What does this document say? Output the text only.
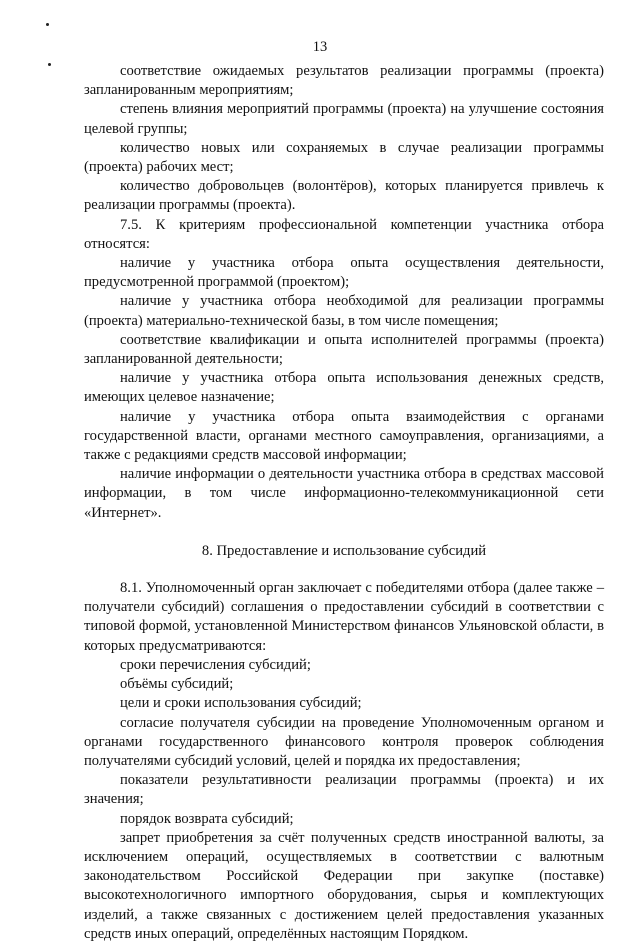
13

соответствие ожидаемых результатов реализации программы (проекта) запланированным мероприятиям;

степень влияния мероприятий программы (проекта) на улучшение состояния целевой группы;

количество новых или сохраняемых в случае реализации программы (проекта) рабочих мест;

количество добровольцев (волонтёров), которых планируется привлечь к реализации программы (проекта).

7.5. К критериям профессиональной компетенции участника отбора относятся:

наличие у участника отбора опыта осуществления деятельности, предусмотренной программой (проектом);

наличие у участника отбора необходимой для реализации программы (проекта) материально-технической базы, в том числе помещения;

соответствие квалификации и опыта исполнителей программы (проекта) запланированной деятельности;

наличие у участника отбора опыта использования денежных средств, имеющих целевое назначение;

наличие у участника отбора опыта взаимодействия с органами государственной власти, органами местного самоуправления, организациями, а также с редакциями средств массовой информации;

наличие информации о деятельности участника отбора в средствах массовой информации, в том числе информационно-телекоммуникационной сети «Интернет».

8. Предоставление и использование субсидий

8.1. Уполномоченный орган заключает с победителями отбора (далее также – получатели субсидий) соглашения о предоставлении субсидий в соответствии с типовой формой, установленной Министерством финансов Ульяновской области, в которых предусматриваются:

сроки перечисления субсидий;

объёмы субсидий;

цели и сроки использования субсидий;

согласие получателя субсидии на проведение Уполномоченным органом и органами государственного финансового контроля проверок соблюдения получателями субсидий условий, целей и порядка их предоставления;

показатели результативности реализации программы (проекта) и их значения;

порядок возврата субсидий;

запрет приобретения за счёт полученных средств иностранной валюты, за исключением операций, осуществляемых в соответствии с валютным законодательством Российской Федерации при закупке (поставке) высокотехнологичного импортного оборудования, сырья и комплектующих изделий, а также связанных с достижением целей предоставления указанных средств иных операций, определённых настоящим Порядком.
